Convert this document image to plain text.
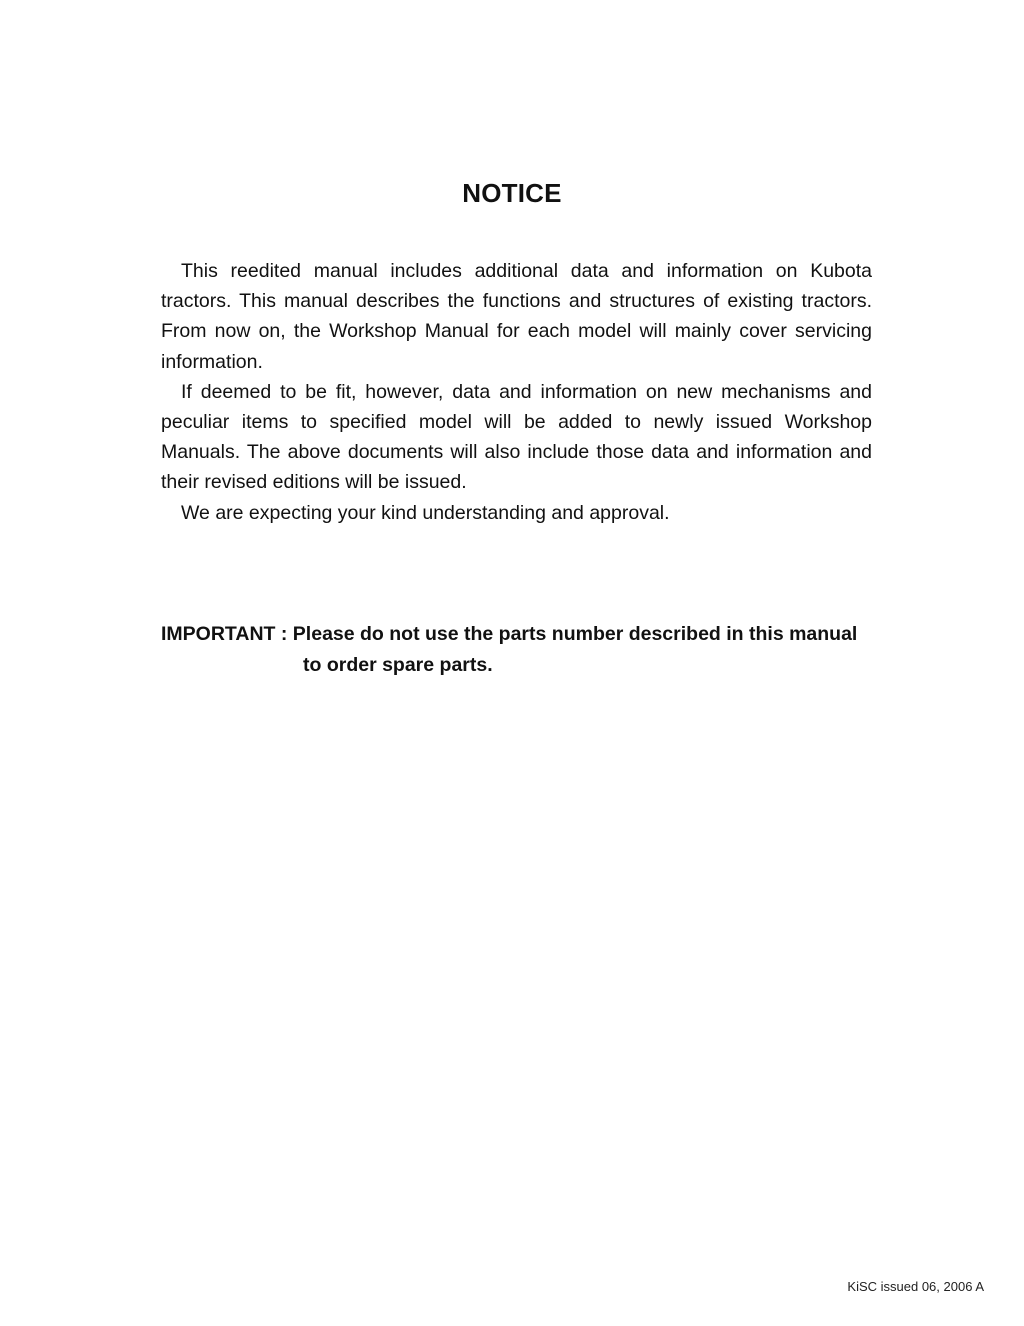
NOTICE

This reedited manual includes additional data and information on Kubota tractors. This manual describes the functions and structures of existing tractors. From now on, the Workshop Manual for each model will mainly cover servicing information.

If deemed to be fit, however, data and information on new mechanisms and peculiar items to specified model will be added to newly issued Workshop Manuals. The above documents will also include those data and information and their revised editions will be issued.

We are expecting your kind understanding and approval.

IMPORTANT : Please do not use the parts number described in this manual
to order spare parts.
KiSC issued 06, 2006 A
